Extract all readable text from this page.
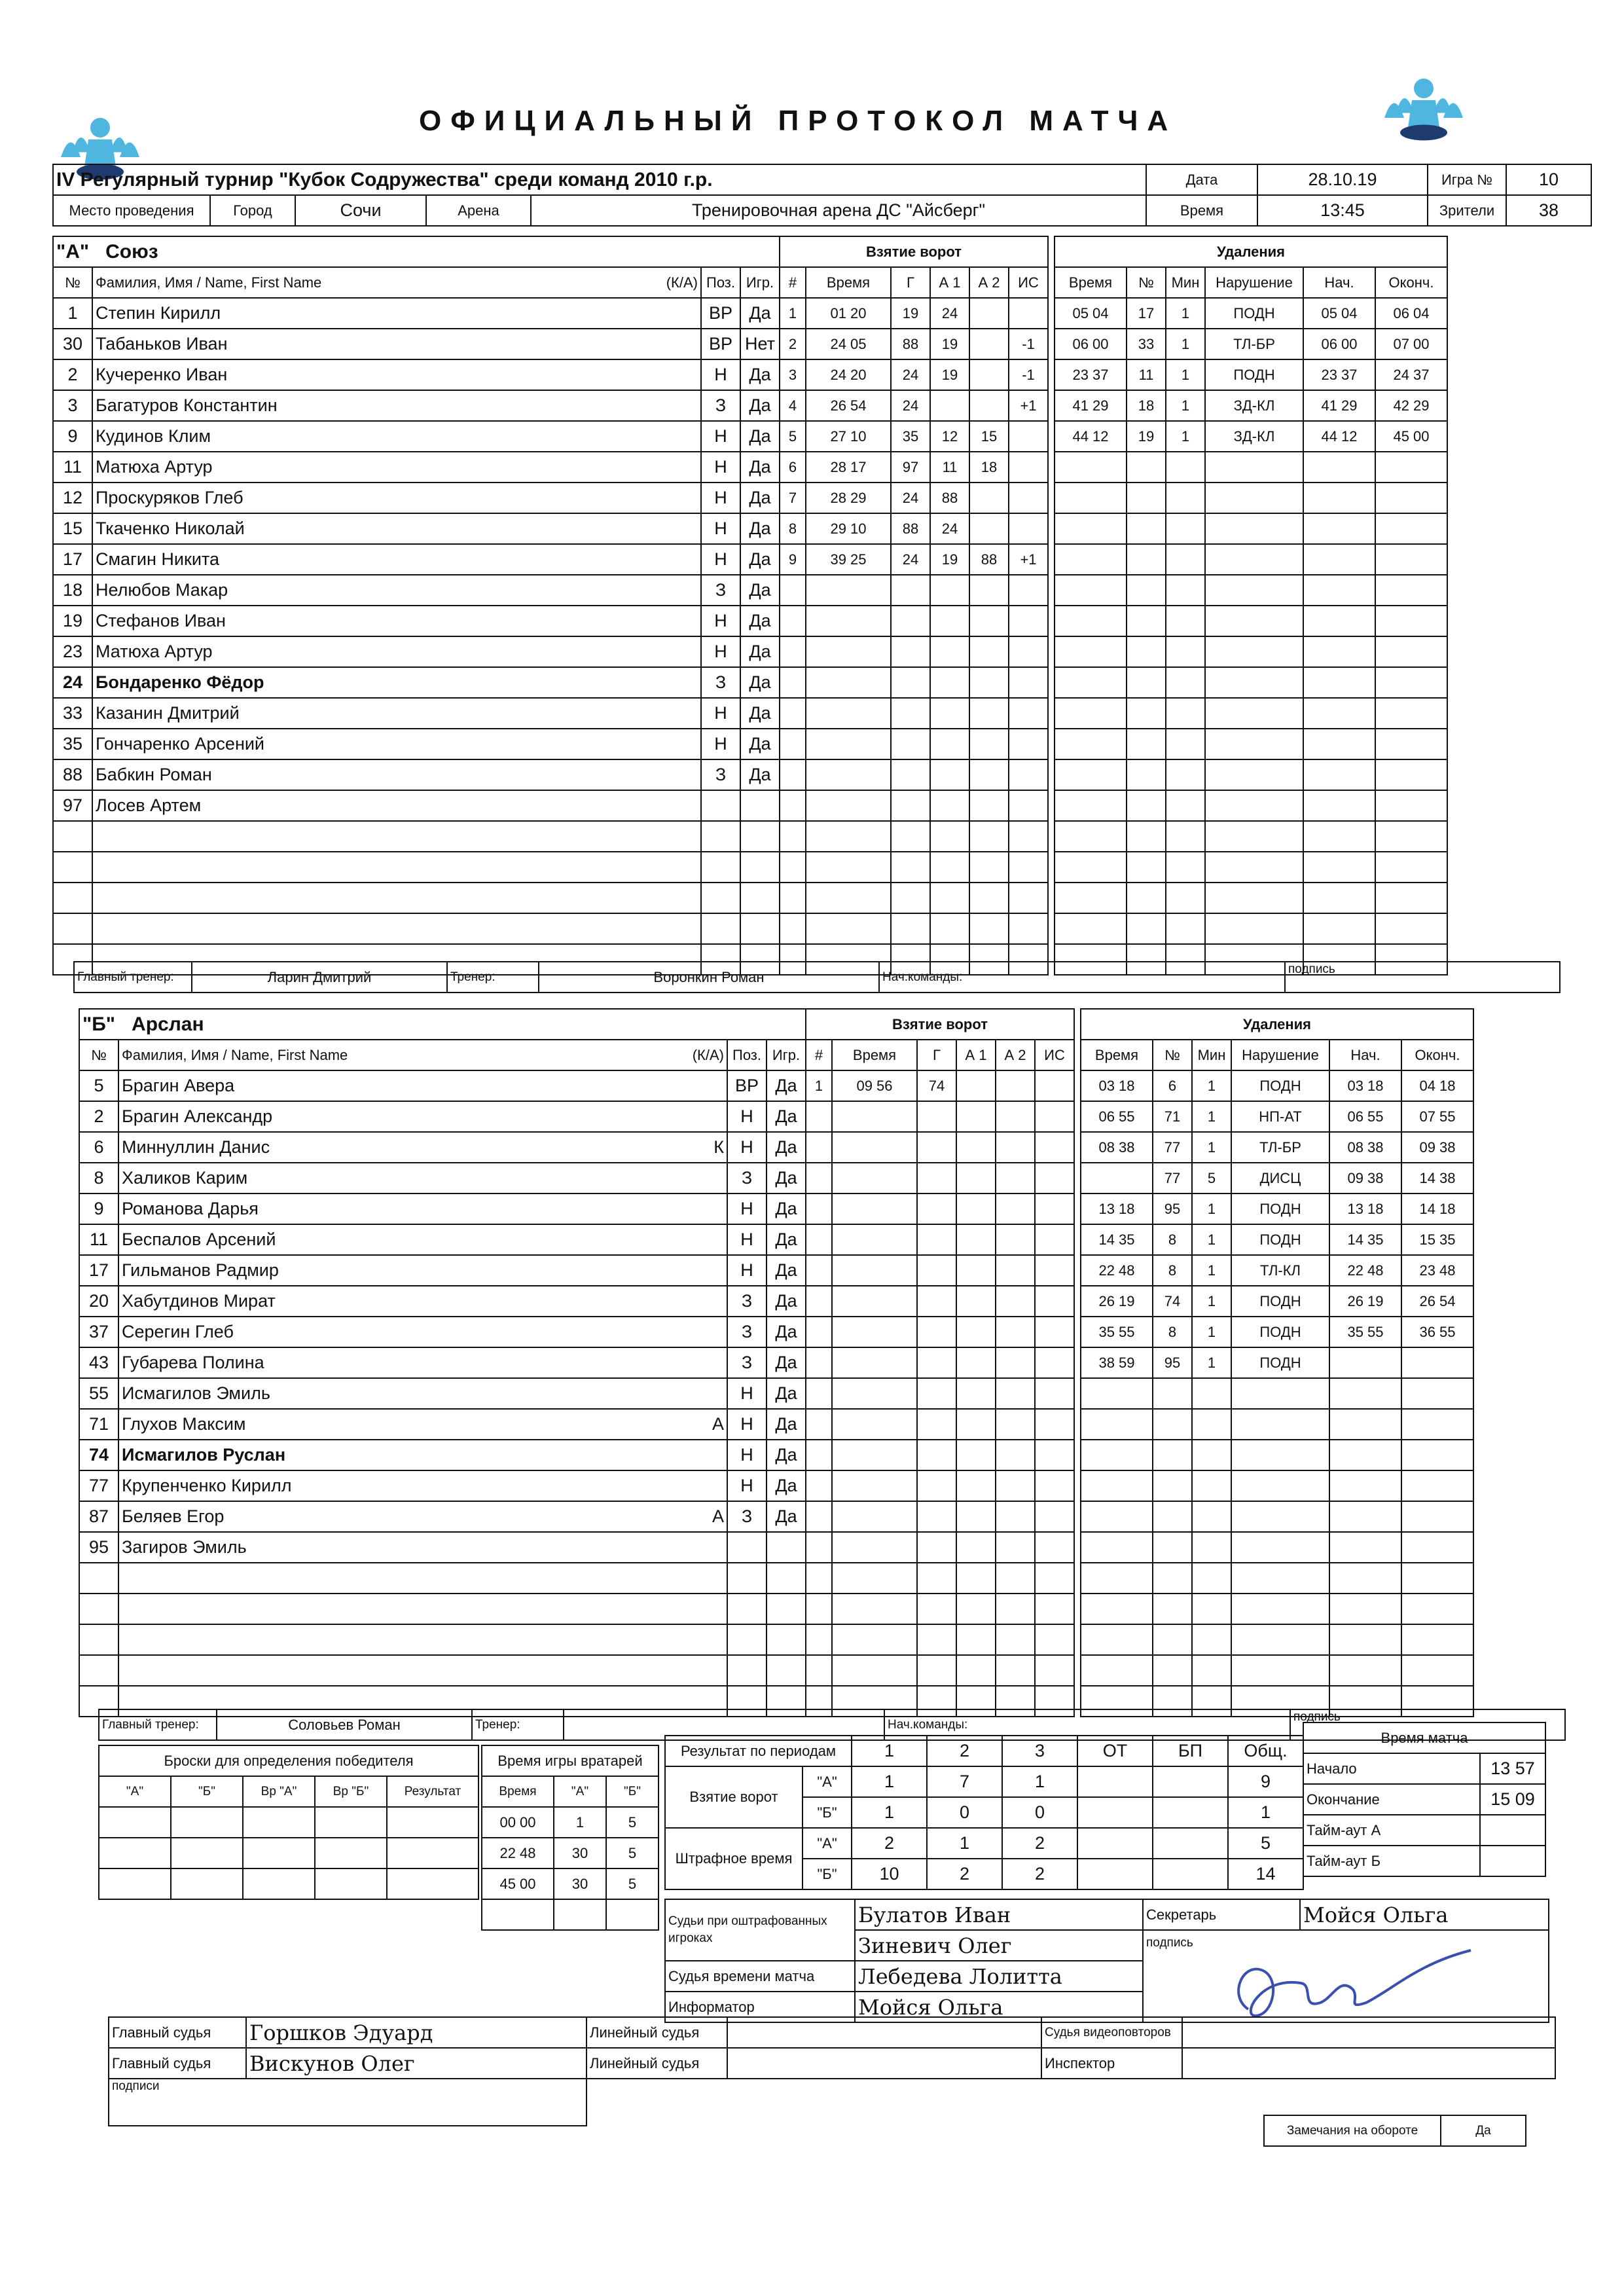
ОФИЦИАЛЬНЫЙ ПРОТОКОЛ МАТЧА
IV Регулярный турнир "Кубок Содружества" среди команд 2010 г.р.					Дата	28.10.19	Игра №	10
Место проведения	Город	Сочи	Арена	Тренировочная арена ДС "Айсберг"	Время	13:45	Зрители	38
"А" Союз			
№	Фамилия, Имя / Name, First Name (К/А)	Поз.	Игр.
1	Степин Кирилл	ВР	Да
30	Табаньков Иван	ВР	Нет
2	Кучеренко Иван	Н	Да
3	Багатуров Константин	З	Да
9	Кудинов Клим	Н	Да
11	Матюха Артур	Н	Да
12	Проскуряков Глеб	Н	Да
15	Ткаченко Николай	Н	Да
17	Смагин Никита	Н	Да
18	Нелюбов Макар	З	Да
19	Стефанов Иван	Н	Да
23	Матюха Артур	Н	Да
24	Бондаренко Фёдор	З	Да
33	Казанин Дмитрий	Н	Да
35	Гончаренко Арсений	Н	Да
88	Бабкин Роман	З	Да
97	Лосев Артем

Взятие ворот					
#	Время	Г	А 1	А 2	ИС
1	01 20	19	24		
2	24 05	88	19		-1
3	24 20	24	19		-1
4	26 54	24			+1
5	27 10	35	12	15	
6	28 17	97	11	18	
7	28 29	24	88		
8	29 10	88	24		
9	39 25	24	19	88	+1

Удаления					
Время	№	Мин	Нарушение	Нач.	Оконч.
05 04	17	1	ПОДН	05 04	06 04
06 00	33	1	ТЛ-БР	06 00	07 00
23 37	11	1	ПОДН	23 37	24 37
41 29	18	1	ЗД-КЛ	41 29	42 29
44 12	19	1	ЗД-КЛ	44 12	45 00

Главный тренер:	Ларин Дмитрий	Тренер:	Воронкин Роман	Нач.команды:	подпись
"Б" Арслан			
№	Фамилия, Имя / Name, First Name (К/А)	Поз.	Игр.
5	Брагин Авера	ВР	Да
2	Брагин Александр	Н	Да
6	Миннуллин Данис К	Н	Да
8	Халиков Карим	З	Да
9	Романова Дарья	Н	Да
11	Беспалов Арсений	Н	Да
17	Гильманов Радмир	Н	Да
20	Хабутдинов Мират	З	Да
37	Серегин Глеб	З	Да
43	Губарева Полина	З	Да
55	Исмагилов Эмиль	Н	Да
71	Глухов Максим А	Н	Да
74	Исмагилов Руслан	Н	Да
77	Крупенченко Кирилл	Н	Да
87	Беляев Егор А	З	Да
95	Загиров Эмиль

Взятие ворот					
#	Время	Г	А 1	А 2	ИС
1	09 56	74			

Удаления					
Время	№	Мин	Нарушение	Нач.	Оконч.
03 18	6	1	ПОДН	03 18	04 18
06 55	71	1	НП-АТ	06 55	07 55
08 38	77	1	ТЛ-БР	08 38	09 38
	77	5	ДИСЦ	09 38	14 38
13 18	95	1	ПОДН	13 18	14 18
14 35	8	1	ПОДН	14 35	15 35
22 48	8	1	ТЛ-КЛ	22 48	23 48
26 19	74	1	ПОДН	26 19	26 54
35 55	8	1	ПОДН	35 55	36 55
38 59	95	1	ПОДН		

Главный тренер:	Соловьев Роман	Тренер:		Нач.команды:	подпись
Броски для определения победителя				
"А"	"Б"	Вр "А"	Вр "Б"	Результат

Время игры вратарей		
Время	"А"	"Б"
00 00	1	5
22 48	30	5
45 00	30	5

Результат по периодам		1	2	3	ОТ	БП	Общ.
Взятие ворот	"А"	1	7	1			9
	"Б"	1	0	0			1
Штрафное время	"А"	2	1	2			5
	"Б"	10	2	2			14
Время матча	
Начало	13 57
Окончание	15 09
Тайм-аут А	
Тайм-аут Б	
Судьи при оштрафованных игроках	Булатов Иван	Секретарь	Мойся Ольга
	Зиневич Олег	подпись	

Судья времени матча	Лебедева Лолитта		
Информатор	Мойся Ольга		
Главный судья	Горшков Эдуард	Линейный судья		Судья видеоповторов	
Главный судья	Вискунов Олег	Линейный судья		Инспектор	
подписи					
Замечания на обороте	Да
